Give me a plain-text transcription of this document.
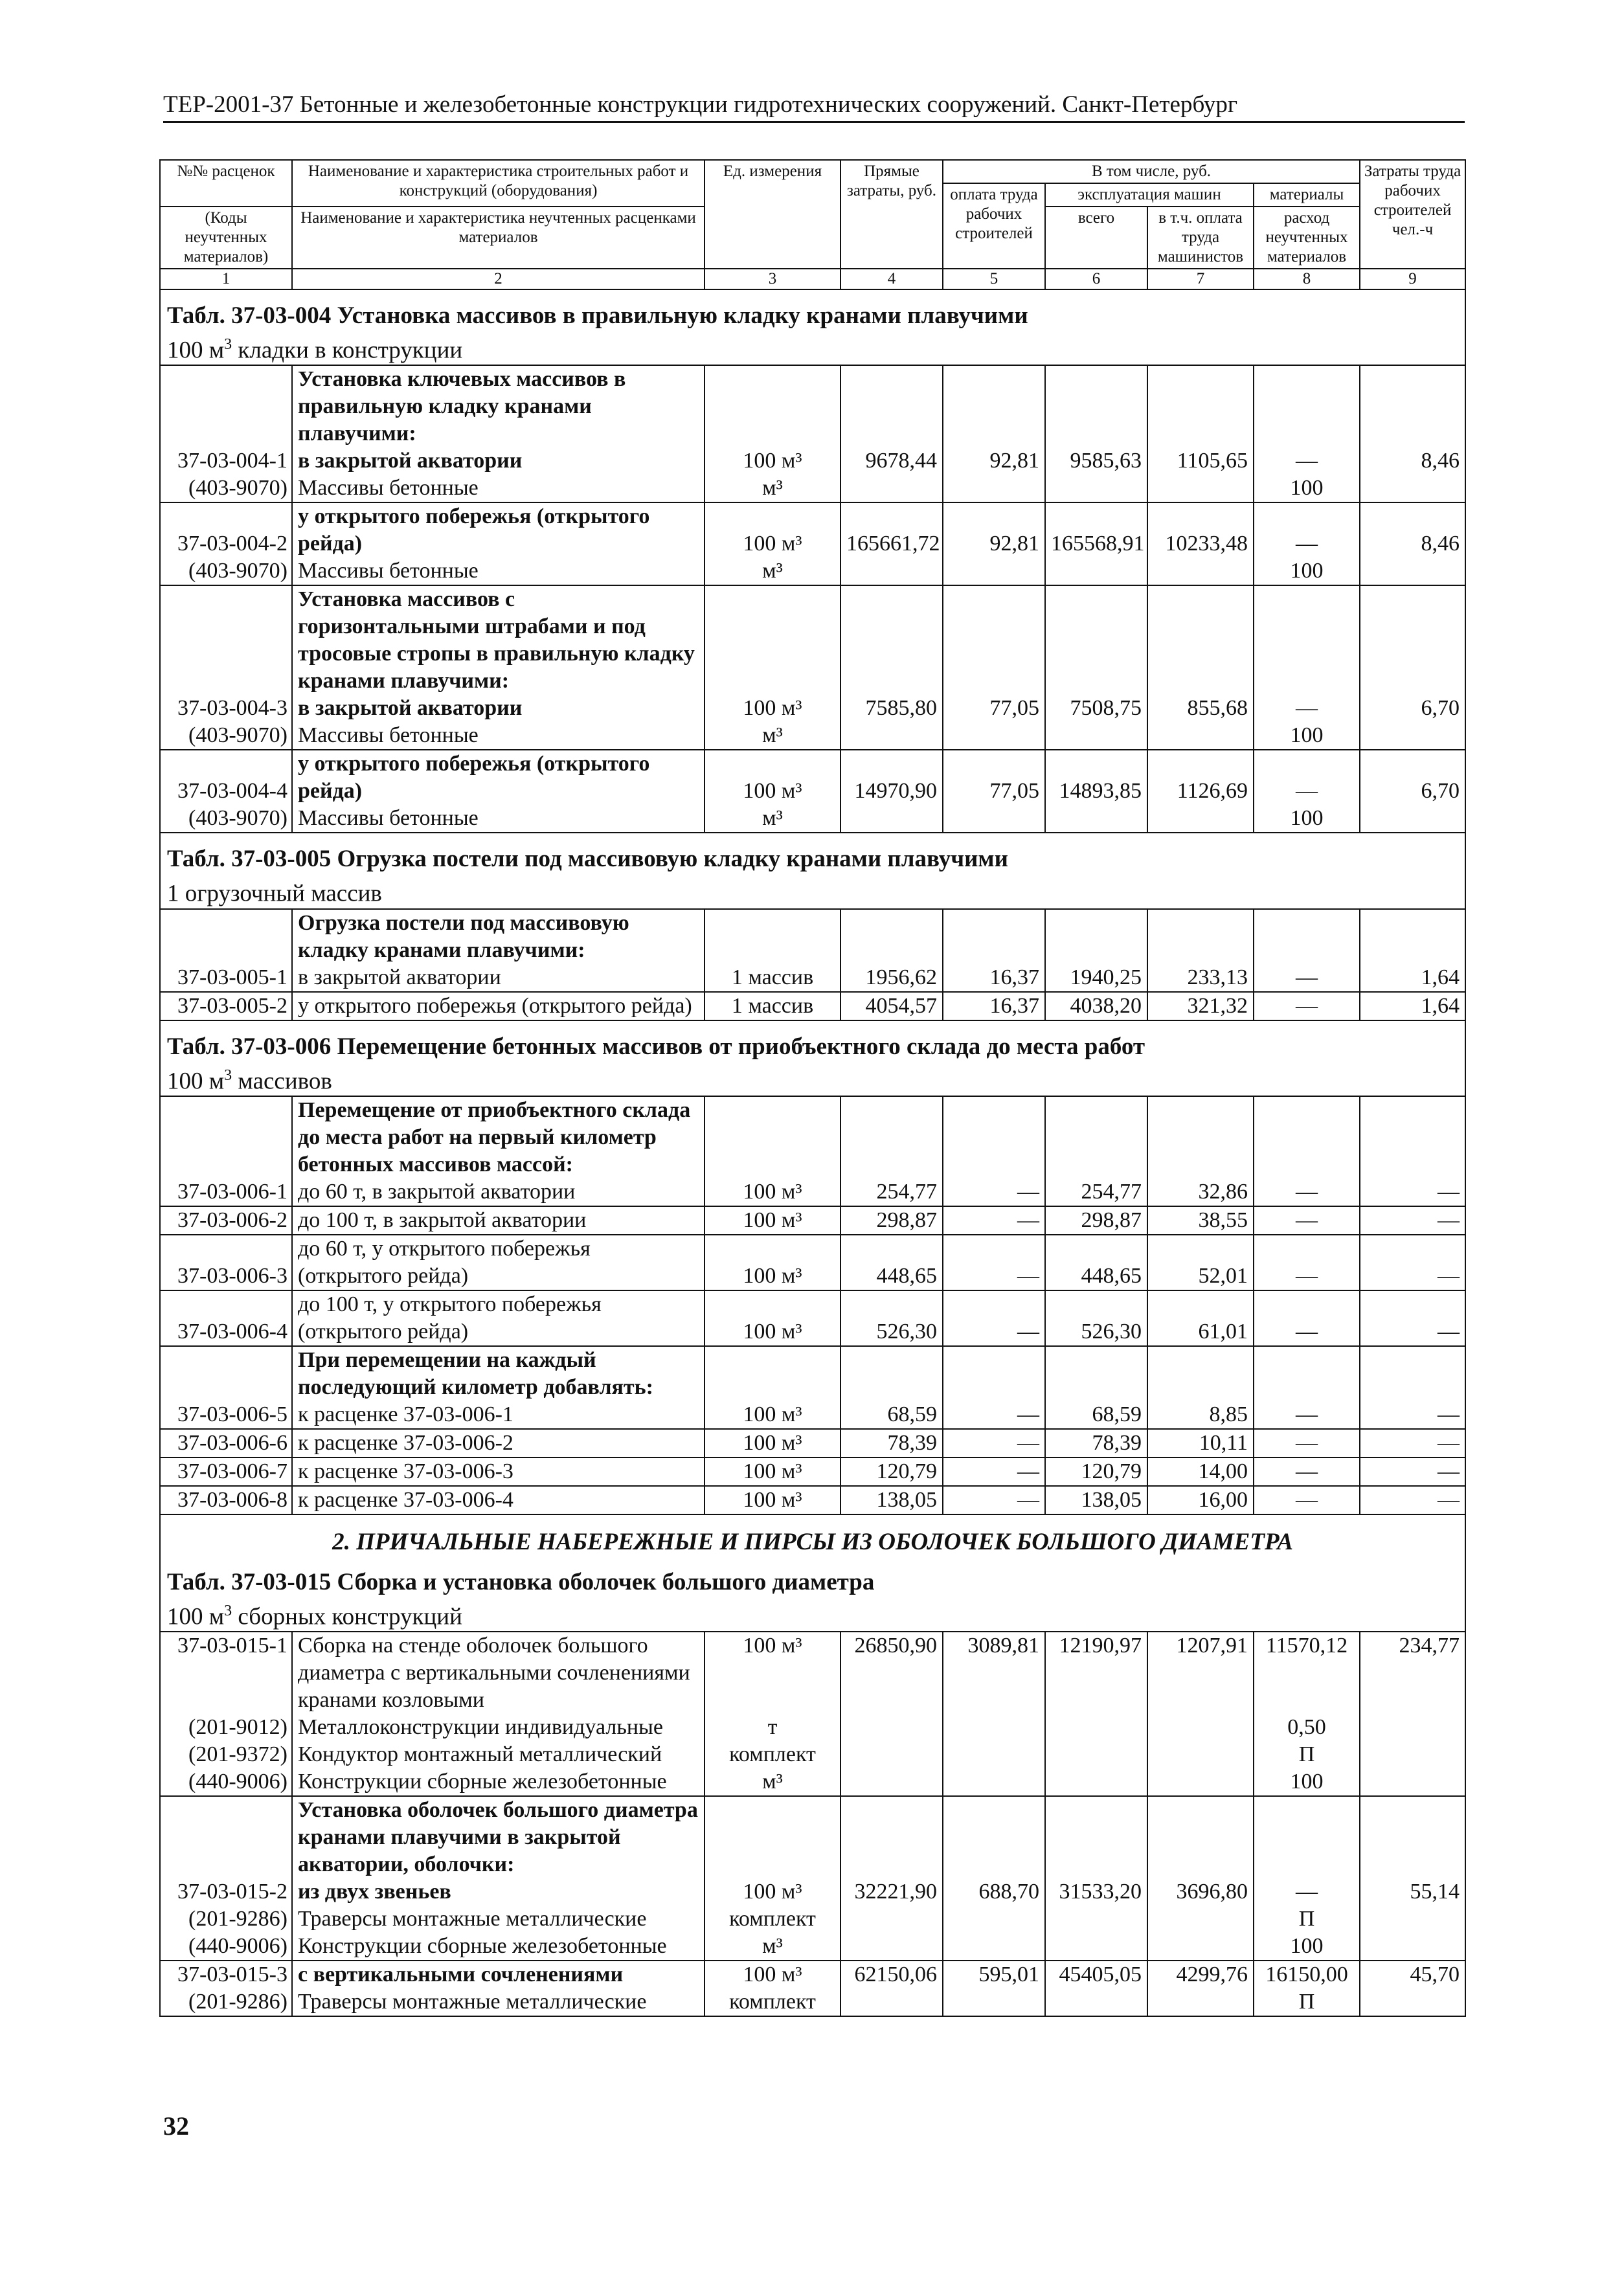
ТЕР-2001-37 Бетонные и железобетонные конструкции гидротехнических сооружений. Санкт-Петербург
№№ расценок	Наименование и характеристика строительных работ и конструкций (оборудования)	Ед. измерения	Прямые затраты, руб.	В том числе, руб.				Затраты труда рабочих строителей чел.-ч
				оплата труда рабочих строителей	эксплуатация машин		материалы	
(Коды неучтенных материалов)	Наименование и характеристика неучтенных расценками материалов				всего	в т.ч. оплата труда машинистов	расход неучтенных материалов	
1	2	3	4	5	6	7	8	9

Табл. 37-03-004 Установка массивов в правильную кладку кранами плавучими
100 $м^3$ кладки в конструкции								

	Установка ключевых массивов в правильную кладку кранами плавучими:							
37-03-004-1	в закрытой акватории	100 м³	9678,44	92,81	9585,63	1105,65	—	8,46
(403-9070)	Массивы бетонные	м³					100	
37-03-004-2	у открытого побережья (открытого рейда)	100 м³	165661,72	92,81	165568,91	10233,48	—	8,46
(403-9070)	Массивы бетонные	м³					100	
	Установка массивов с горизонтальными штрабами и под тросовые стропы в правильную кладку кранами плавучими:							
37-03-004-3	в закрытой акватории	100 м³	7585,80	77,05	7508,75	855,68	—	6,70
(403-9070)	Массивы бетонные	м³					100	
37-03-004-4	у открытого побережья (открытого рейда)	100 м³	14970,90	77,05	14893,85	1126,69	—	6,70
(403-9070)	Массивы бетонные	м³					100	

Табл. 37-03-005 Огрузка постели под массивовую кладку кранами плавучими
1 огрузочный массив								

	Огрузка постели под массивовую кладку кранами плавучими:							
37-03-005-1	в закрытой акватории	1 массив	1956,62	16,37	1940,25	233,13	—	1,64
37-03-005-2	у открытого побережья (открытого рейда)	1 массив	4054,57	16,37	4038,20	321,32	—	1,64

Табл. 37-03-006 Перемещение бетонных массивов от приобъектного склада до места работ
100 $м^3$ массивов								

	Перемещение от приобъектного склада до места работ на первый километр бетонных массивов массой:							
37-03-006-1	до 60 т, в закрытой акватории	100 м³	254,77	—	254,77	32,86	—	—
37-03-006-2	до 100 т, в закрытой акватории	100 м³	298,87	—	298,87	38,55	—	—
37-03-006-3	до 60 т, у открытого побережья (открытого рейда)	100 м³	448,65	—	448,65	52,01	—	—
37-03-006-4	до 100 т, у открытого побережья (открытого рейда)	100 м³	526,30	—	526,30	61,01	—	—
	При перемещении на каждый последующий километр добавлять:							
37-03-006-5	к расценке 37-03-006-1	100 м³	68,59	—	68,59	8,85	—	—
37-03-006-6	к расценке 37-03-006-2	100 м³	78,39	—	78,39	10,11	—	—
37-03-006-7	к расценке 37-03-006-3	100 м³	120,79	—	120,79	14,00	—	—
37-03-006-8	к расценке 37-03-006-4	100 м³	138,05	—	138,05	16,00	—	—
2. ПРИЧАЛЬНЫЕ НАБЕРЕЖНЫЕ И ПИРСЫ ИЗ ОБОЛОЧЕК БОЛЬШОГО ДИАМЕТРА								

Табл. 37-03-015 Сборка и установка оболочек большого диаметра
100 $м^3$ сборных конструкций								

37-03-015-1	Сборка на стенде оболочек большого диаметра с вертикальными сочленениями кранами козловыми	100 м³	26850,90	3089,81	12190,97	1207,91	11570,12	234,77
(201-9012)	Металлоконструкции индивидуальные	т					0,50	
(201-9372)	Кондуктор монтажный металлический	комплект					П	
(440-9006)	Конструкции сборные железобетонные	м³					100	
	Установка оболочек большого диаметра кранами плавучими в закрытой акватории, оболочки:							
37-03-015-2	из двух звеньев	100 м³	32221,90	688,70	31533,20	3696,80	—	55,14
(201-9286)	Траверсы монтажные металлические	комплект					П	
(440-9006)	Конструкции сборные железобетонные	м³					100	
37-03-015-3	с вертикальными сочленениями	100 м³	62150,06	595,01	45405,05	4299,76	16150,00	45,70
(201-9286)	Траверсы монтажные металлические	комплект					П	
32
